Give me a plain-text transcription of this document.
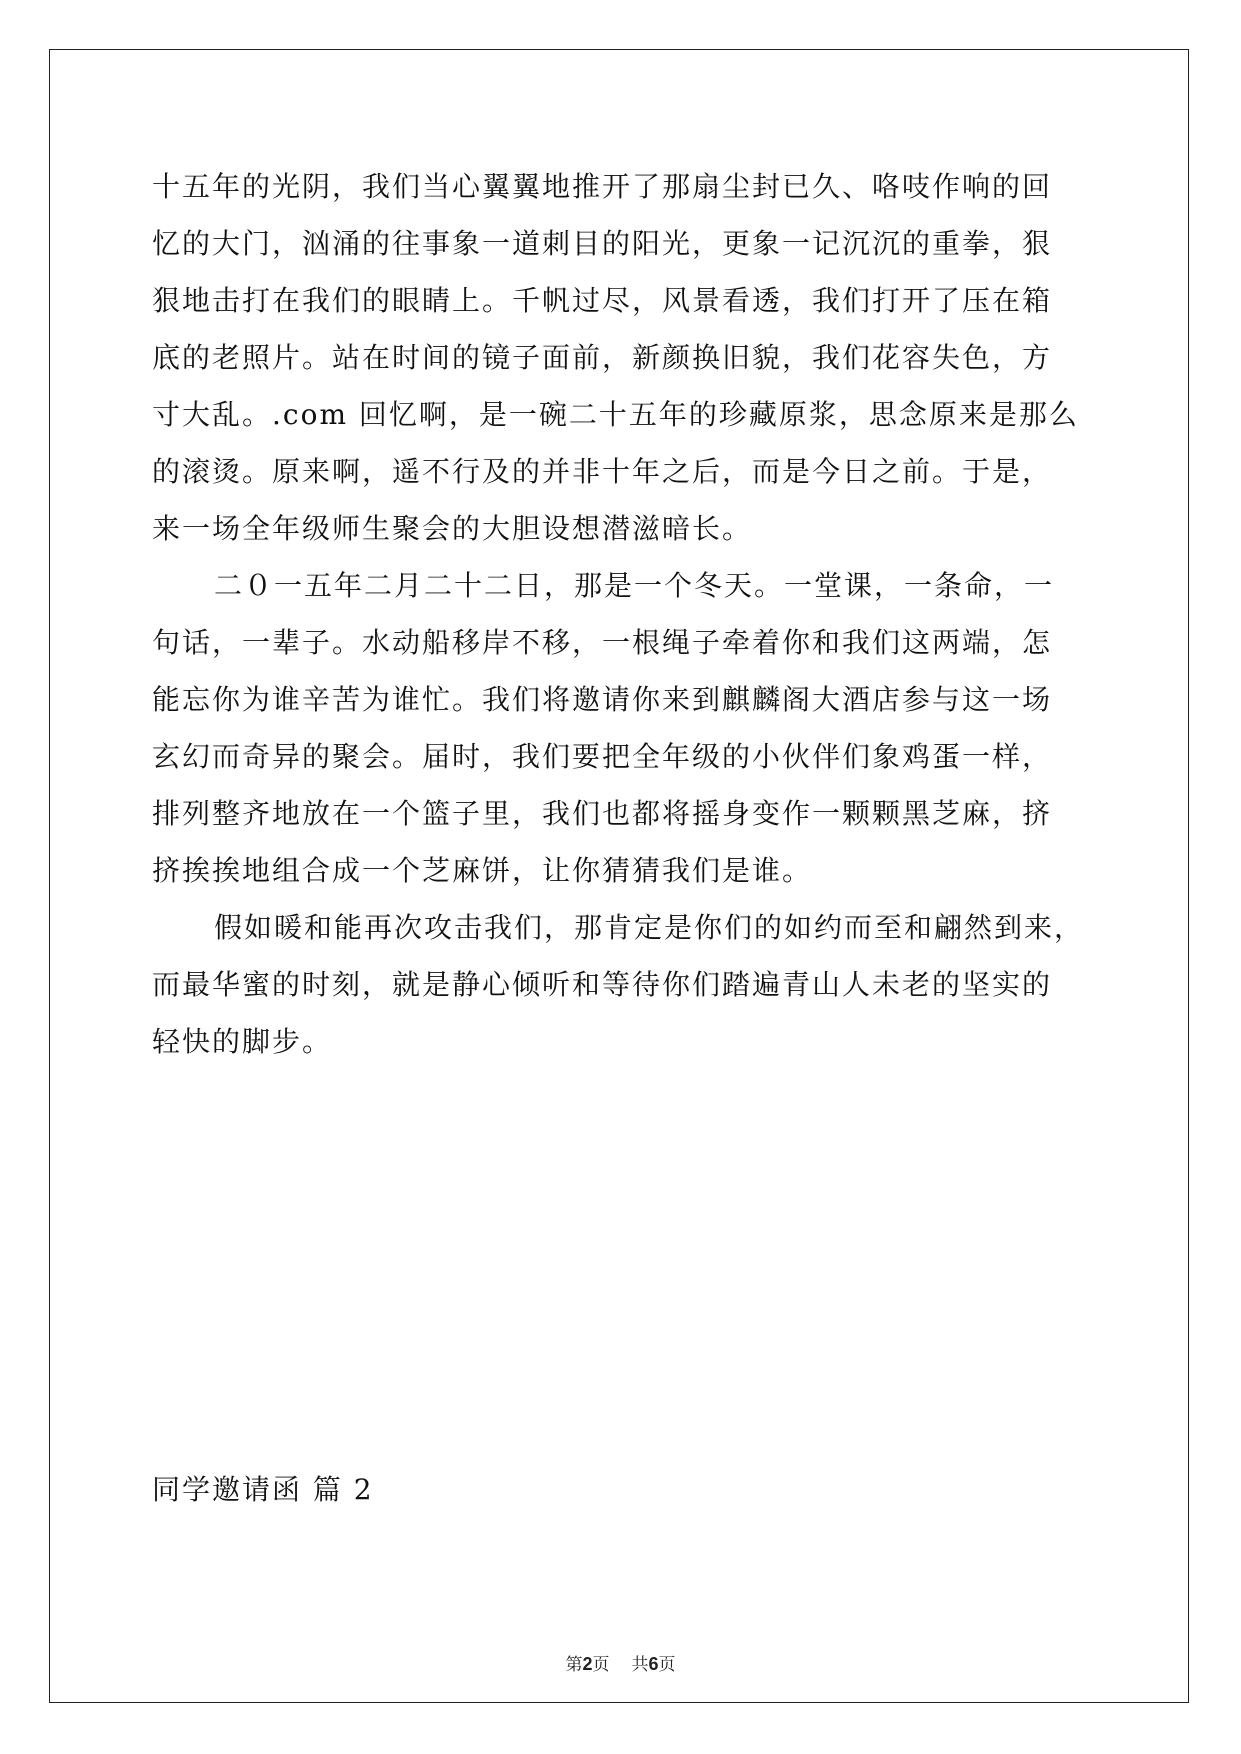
十五年的光阴，我们当心翼翼地推开了那扇尘封已久、咯吱作响的回
忆的大门，汹涌的往事象一道刺目的阳光，更象一记沉沉的重拳，狠
狠地击打在我们的眼睛上。千帆过尽，风景看透，我们打开了压在箱
底的老照片。站在时间的镜子面前，新颜换旧貌，我们花容失色，方
寸大乱。.com 回忆啊，是一碗二十五年的珍藏原浆，思念原来是那么
的滚烫。原来啊，遥不行及的并非十年之后，而是今日之前。于是，
来一场全年级师生聚会的大胆设想潜滋暗长。
二０一五年二月二十二日，那是一个冬天。一堂课，一条命，一
句话，一辈子。水动船移岸不移，一根绳子牵着你和我们这两端，怎
能忘你为谁辛苦为谁忙。我们将邀请你来到麒麟阁大酒店参与这一场
玄幻而奇异的聚会。届时，我们要把全年级的小伙伴们象鸡蛋一样，
排列整齐地放在一个篮子里，我们也都将摇身变作一颗颗黑芝麻，挤
挤挨挨地组合成一个芝麻饼，让你猜猜我们是谁。
假如暖和能再次攻击我们，那肯定是你们的如约而至和翩然到来，
而最华蜜的时刻，就是静心倾听和等待你们踏遍青山人未老的坚实的
轻快的脚步。
同学邀请函 篇 2
第2页 共6页
